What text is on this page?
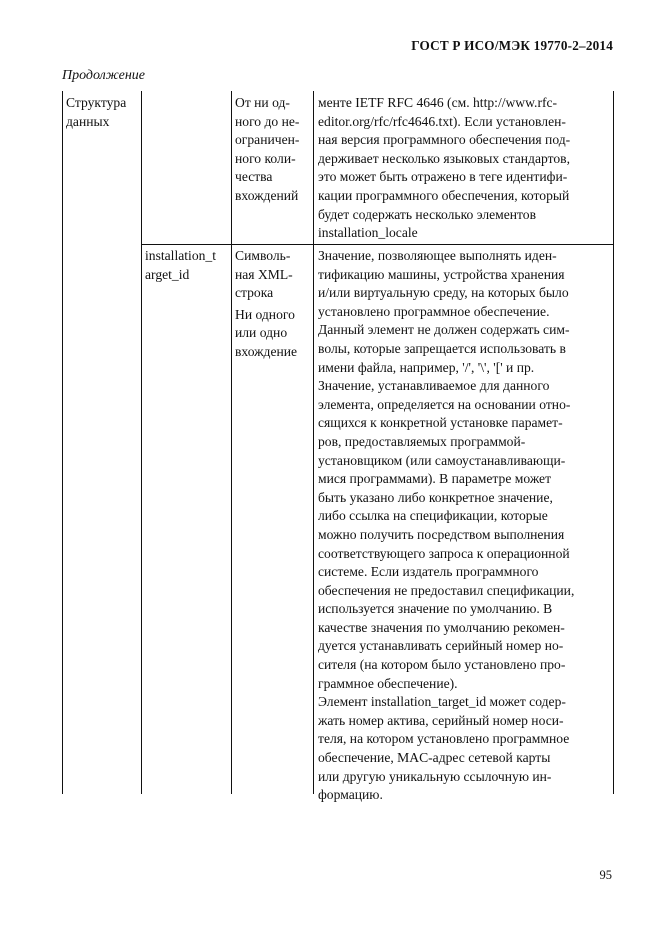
ГОСТ Р ИСО/МЭК 19770-2–2014
Продолжение
Структура
данных
От ни од-
ного до не-
ограничен-
ного коли-
чества
вхождений
менте IETF RFC 4646 (см. http://www.rfc-
editor.org/rfc/rfc4646.txt). Если установлен-
ная версия программного обеспечения под-
держивает несколько языковых стандартов,
это может быть отражено в теге идентифи-
кации программного обеспечения, который
будет содержать несколько элементов
installation_locale
installation_t
arget_id
Символь-
ная XML-
строка
Ни одного
или одно
вхождение
Значение, позволяющее выполнять иден-
тификацию машины, устройства хранения
и/или виртуальную среду, на которых было
установлено программное обеспечение.
Данный элемент не должен содержать сим-
волы, которые запрещается использовать в
имени файла, например, '/', '\', '[' и пр.
Значение, устанавливаемое для данного
элемента, определяется на основании отно-
сящихся к конкретной установке парамет-
ров, предоставляемых программой-
установщиком (или самоустанавливающи-
мися программами). В параметре может
быть указано либо конкретное значение,
либо ссылка на спецификации, которые
можно получить посредством выполнения
соответствующего запроса к операционной
системе. Если издатель программного
обеспечения не предоставил спецификации,
используется значение по умолчанию. В
качестве значения по умолчанию рекомен-
дуется устанавливать серийный номер но-
сителя (на котором было установлено про-
граммное обеспечение).
Элемент installation_target_id может содер-
жать номер актива, серийный номер носи-
теля, на котором установлено программное
обеспечение, MAC-адрес сетевой карты
или другую уникальную ссылочную ин-
формацию.
95
